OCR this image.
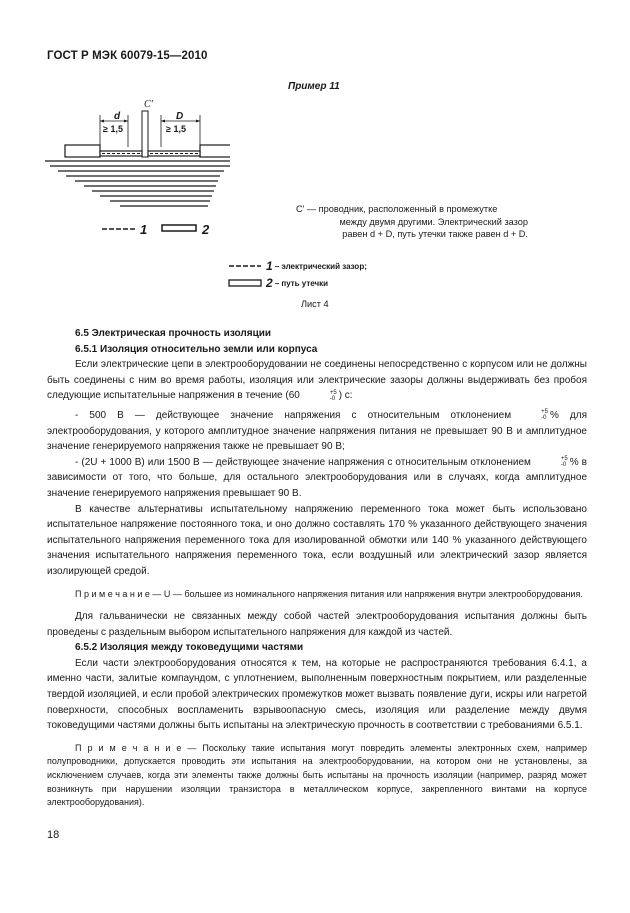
ГОСТ Р МЭК 60079-15—2010
Пример 11
C'
d	D
≥ 1,5	≥ 1,5
1	2
C' — проводник, расположенный в промежутке
между двумя другими. Электрический зазор
равен d + D, путь утечки также равен d + D.
1 – электрический зазор;
2 – путь утечки
Лист 4

6.5 Электрическая прочность изоляции

6.5.1 Изоляция относительно земли или корпуса

Если электрические цепи в электрооборудовании не соединены непосредственно с корпусом или не должны быть соединены с ним во время работы, изоляция или электрические зазоры должны выдерживать без пробоя следующие испытательные напряжения в течение (60	+5
-0 ) с:

- 500 В — действующее значение напряжения с относительным отклонением	+5
-0 % для электрооборудования, у которого амплитудное значение напряжения питания не превышает 90 В и амплитудное значение генерируемого напряжения также не превышает 90 В;

- (2U + 1000 В) или 1500 В — действующее значение напряжения с относительным отклонением	+5
-0 % в зависимости от того, что больше, для остального электрооборудования или в случаях, когда амплитудное значение генерируемого напряжения превышает 90 В.

В качестве альтернативы испытательному напряжению переменного тока может быть использовано испытательное напряжение постоянного тока, и оно должно составлять 170 % указанного действующего значения испытательного напряжения переменного тока для изолированной обмотки или 140 % указанного действующего значения испытательного напряжения переменного тока, если воздушный или электрический зазор является изолирующей средой.

П р и м е ч а н и е — U — большее из номинального напряжения питания или напряжения внутри электрооборудования.

Для гальванически не связанных между собой частей электрооборудования испытания должны быть проведены с раздельным выбором испытательного напряжения для каждой из частей.

6.5.2 Изоляция между токоведущими частями

Если части электрооборудования относятся к тем, на которые не распространяются требования 6.4.1, а именно части, залитые компаундом, с уплотнением, выполненным поверхностным покрытием, или разделенные твердой изоляцией, и если пробой электрических промежутков может вызвать появление дуги, искры или нагретой поверхности, способных воспламенить взрывоопасную смесь, изоляция или разделение между двумя токоведущими частями должны быть испытаны на электрическую прочность в соответствии с требованиями 6.5.1.

П р и м е ч а н и е — Поскольку такие испытания могут повредить элементы электронных схем, например полупроводники, допускается проводить эти испытания на электрооборудовании, на котором они не установлены, за исключением случаев, когда эти элементы также должны быть испытаны на прочность изоляции (например, разряд может возникнуть при нарушении изоляции транзистора в металлическом корпусе, закрепленного винтами на корпусе электрооборудования).

18
